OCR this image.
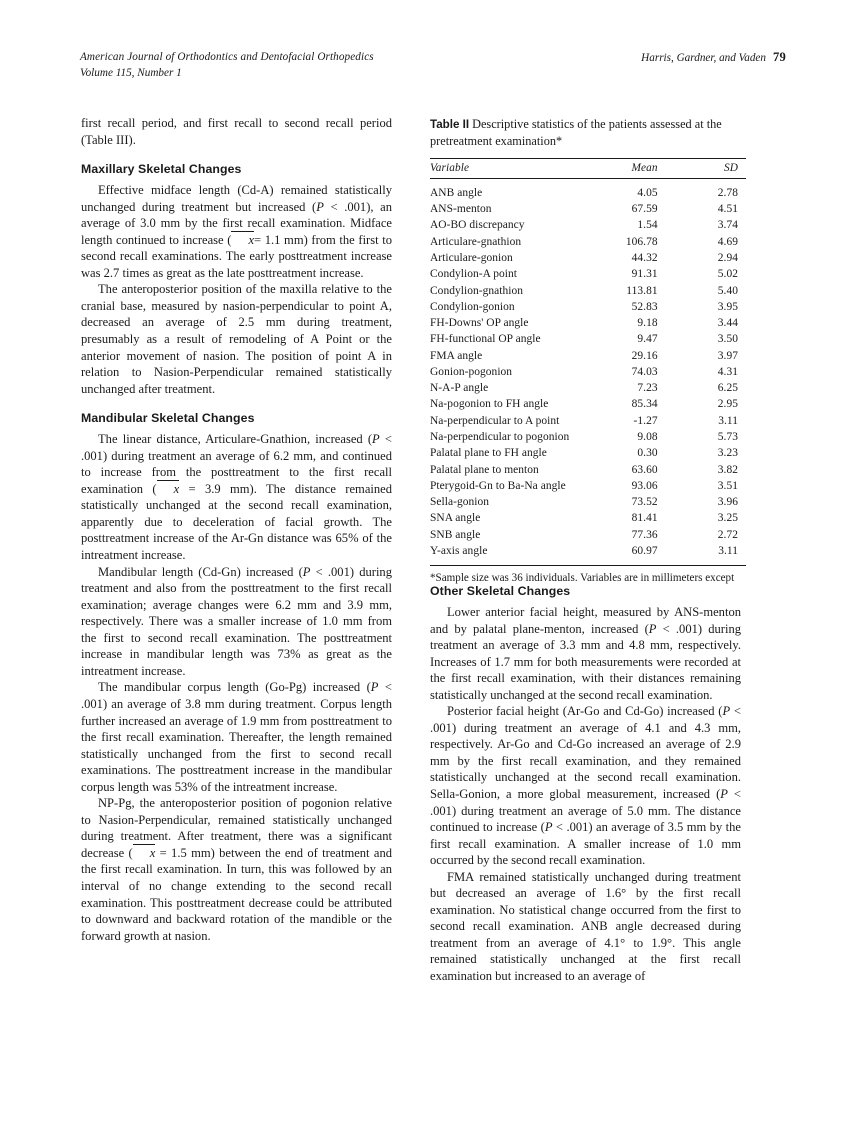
American Journal of Orthodontics and Dentofacial Orthopedics
Volume 115, Number 1
Harris, Gardner, and Vaden 79

first recall period, and first recall to second recall period (Table III).

Maxillary Skeletal Changes

Effective midface length (Cd-A) remained statistically unchanged during treatment but increased (P < .001), an average of 3.0 mm by the first recall examination. Midface length continued to increase ( x= 1.1 mm) from the first to second recall examinations. The early posttreatment increase was 2.7 times as great as the late posttreatment increase.

The anteroposterior position of the maxilla relative to the cranial base, measured by nasion-perpendicular to point A, decreased an average of 2.5 mm during treatment, presumably as a result of remodeling of A Point or the anterior movement of nasion. The position of point A in relation to Nasion-Perpendicular remained statistically unchanged after treatment.

Mandibular Skeletal Changes

The linear distance, Articulare-Gnathion, increased (P < .001) during treatment an average of 6.2 mm, and continued to increase from the posttreatment to the first recall examination ( x = 3.9 mm). The distance remained statistically unchanged at the second recall examination, apparently due to deceleration of facial growth. The posttreatment increase of the Ar-Gn distance was 65% of the intreatment increase.

Mandibular length (Cd-Gn) increased (P < .001) during treatment and also from the posttreatment to the first recall examination; average changes were 6.2 mm and 3.9 mm, respectively. There was a smaller increase of 1.0 mm from the first to second recall examination. The posttreatment increase in mandibular length was 73% as great as the intreatment increase.

The mandibular corpus length (Go-Pg) increased (P < .001) an average of 3.8 mm during treatment. Corpus length further increased an average of 1.9 mm from posttreatment to the first recall examination. Thereafter, the length remained statistically unchanged from the first to second recall examinations. The posttreatment increase in the mandibular corpus length was 53% of the intreatment increase.

NP-Pg, the anteroposterior position of pogonion relative to Nasion-Perpendicular, remained statistically unchanged during treatment. After treatment, there was a significant decrease ( x = 1.5 mm) between the end of treatment and the first recall examination. In turn, this was followed by an interval of no change extending to the second recall examination. This posttreatment decrease could be attributed to downward and backward rotation of the mandible or the forward growth at nasion.

Table II Descriptive statistics of the patients assessed at the pretreatment examination*
Variable	Mean	SD
ANB angle	4.05	2.78
ANS-menton	67.59	4.51
AO-BO discrepancy	1.54	3.74
Articulare-gnathion	106.78	4.69
Articulare-gonion	44.32	2.94
Condylion-A point	91.31	5.02
Condylion-gnathion	113.81	5.40
Condylion-gonion	52.83	3.95
FH-Downs' OP angle	9.18	3.44
FH-functional OP angle	9.47	3.50
FMA angle	29.16	3.97
Gonion-pogonion	74.03	4.31
N-A-P angle	7.23	6.25
Na-pogonion to FH angle	85.34	2.95
Na-perpendicular to A point	-1.27	3.11
Na-perpendicular to pogonion	9.08	5.73
Palatal plane to FH angle	0.30	3.23
Palatal plane to menton	63.60	3.82
Pterygoid-Gn to Ba-Na angle	93.06	3.51
Sella-gonion	73.52	3.96
SNA angle	81.41	3.25
SNB angle	77.36	2.72
Y-axis angle	60.97	3.11
*Sample size was 36 individuals. Variables are in millimeters except
Other Skeletal Changes

Lower anterior facial height, measured by ANS-menton and by palatal plane-menton, increased (P < .001) during treatment an average of 3.3 mm and 4.8 mm, respectively. Increases of 1.7 mm for both measurements were recorded at the first recall examination, with their distances remaining statistically unchanged at the second recall examination.

Posterior facial height (Ar-Go and Cd-Go) increased (P < .001) during treatment an average of 4.1 and 4.3 mm, respectively. Ar-Go and Cd-Go increased an average of 2.9 mm by the first recall examination, and they remained statistically unchanged at the second recall examination. Sella-Gonion, a more global measurement, increased (P < .001) during treatment an average of 5.0 mm. The distance continued to increase (P < .001) an average of 3.5 mm by the first recall examination. A smaller increase of 1.0 mm occurred by the second recall examination.

FMA remained statistically unchanged during treatment but decreased an average of 1.6° by the first recall examination. No statistical change occurred from the first to second recall examination. ANB angle decreased during treatment from an average of 4.1° to 1.9°. This angle remained statistically unchanged at the first recall examination but increased to an average of
